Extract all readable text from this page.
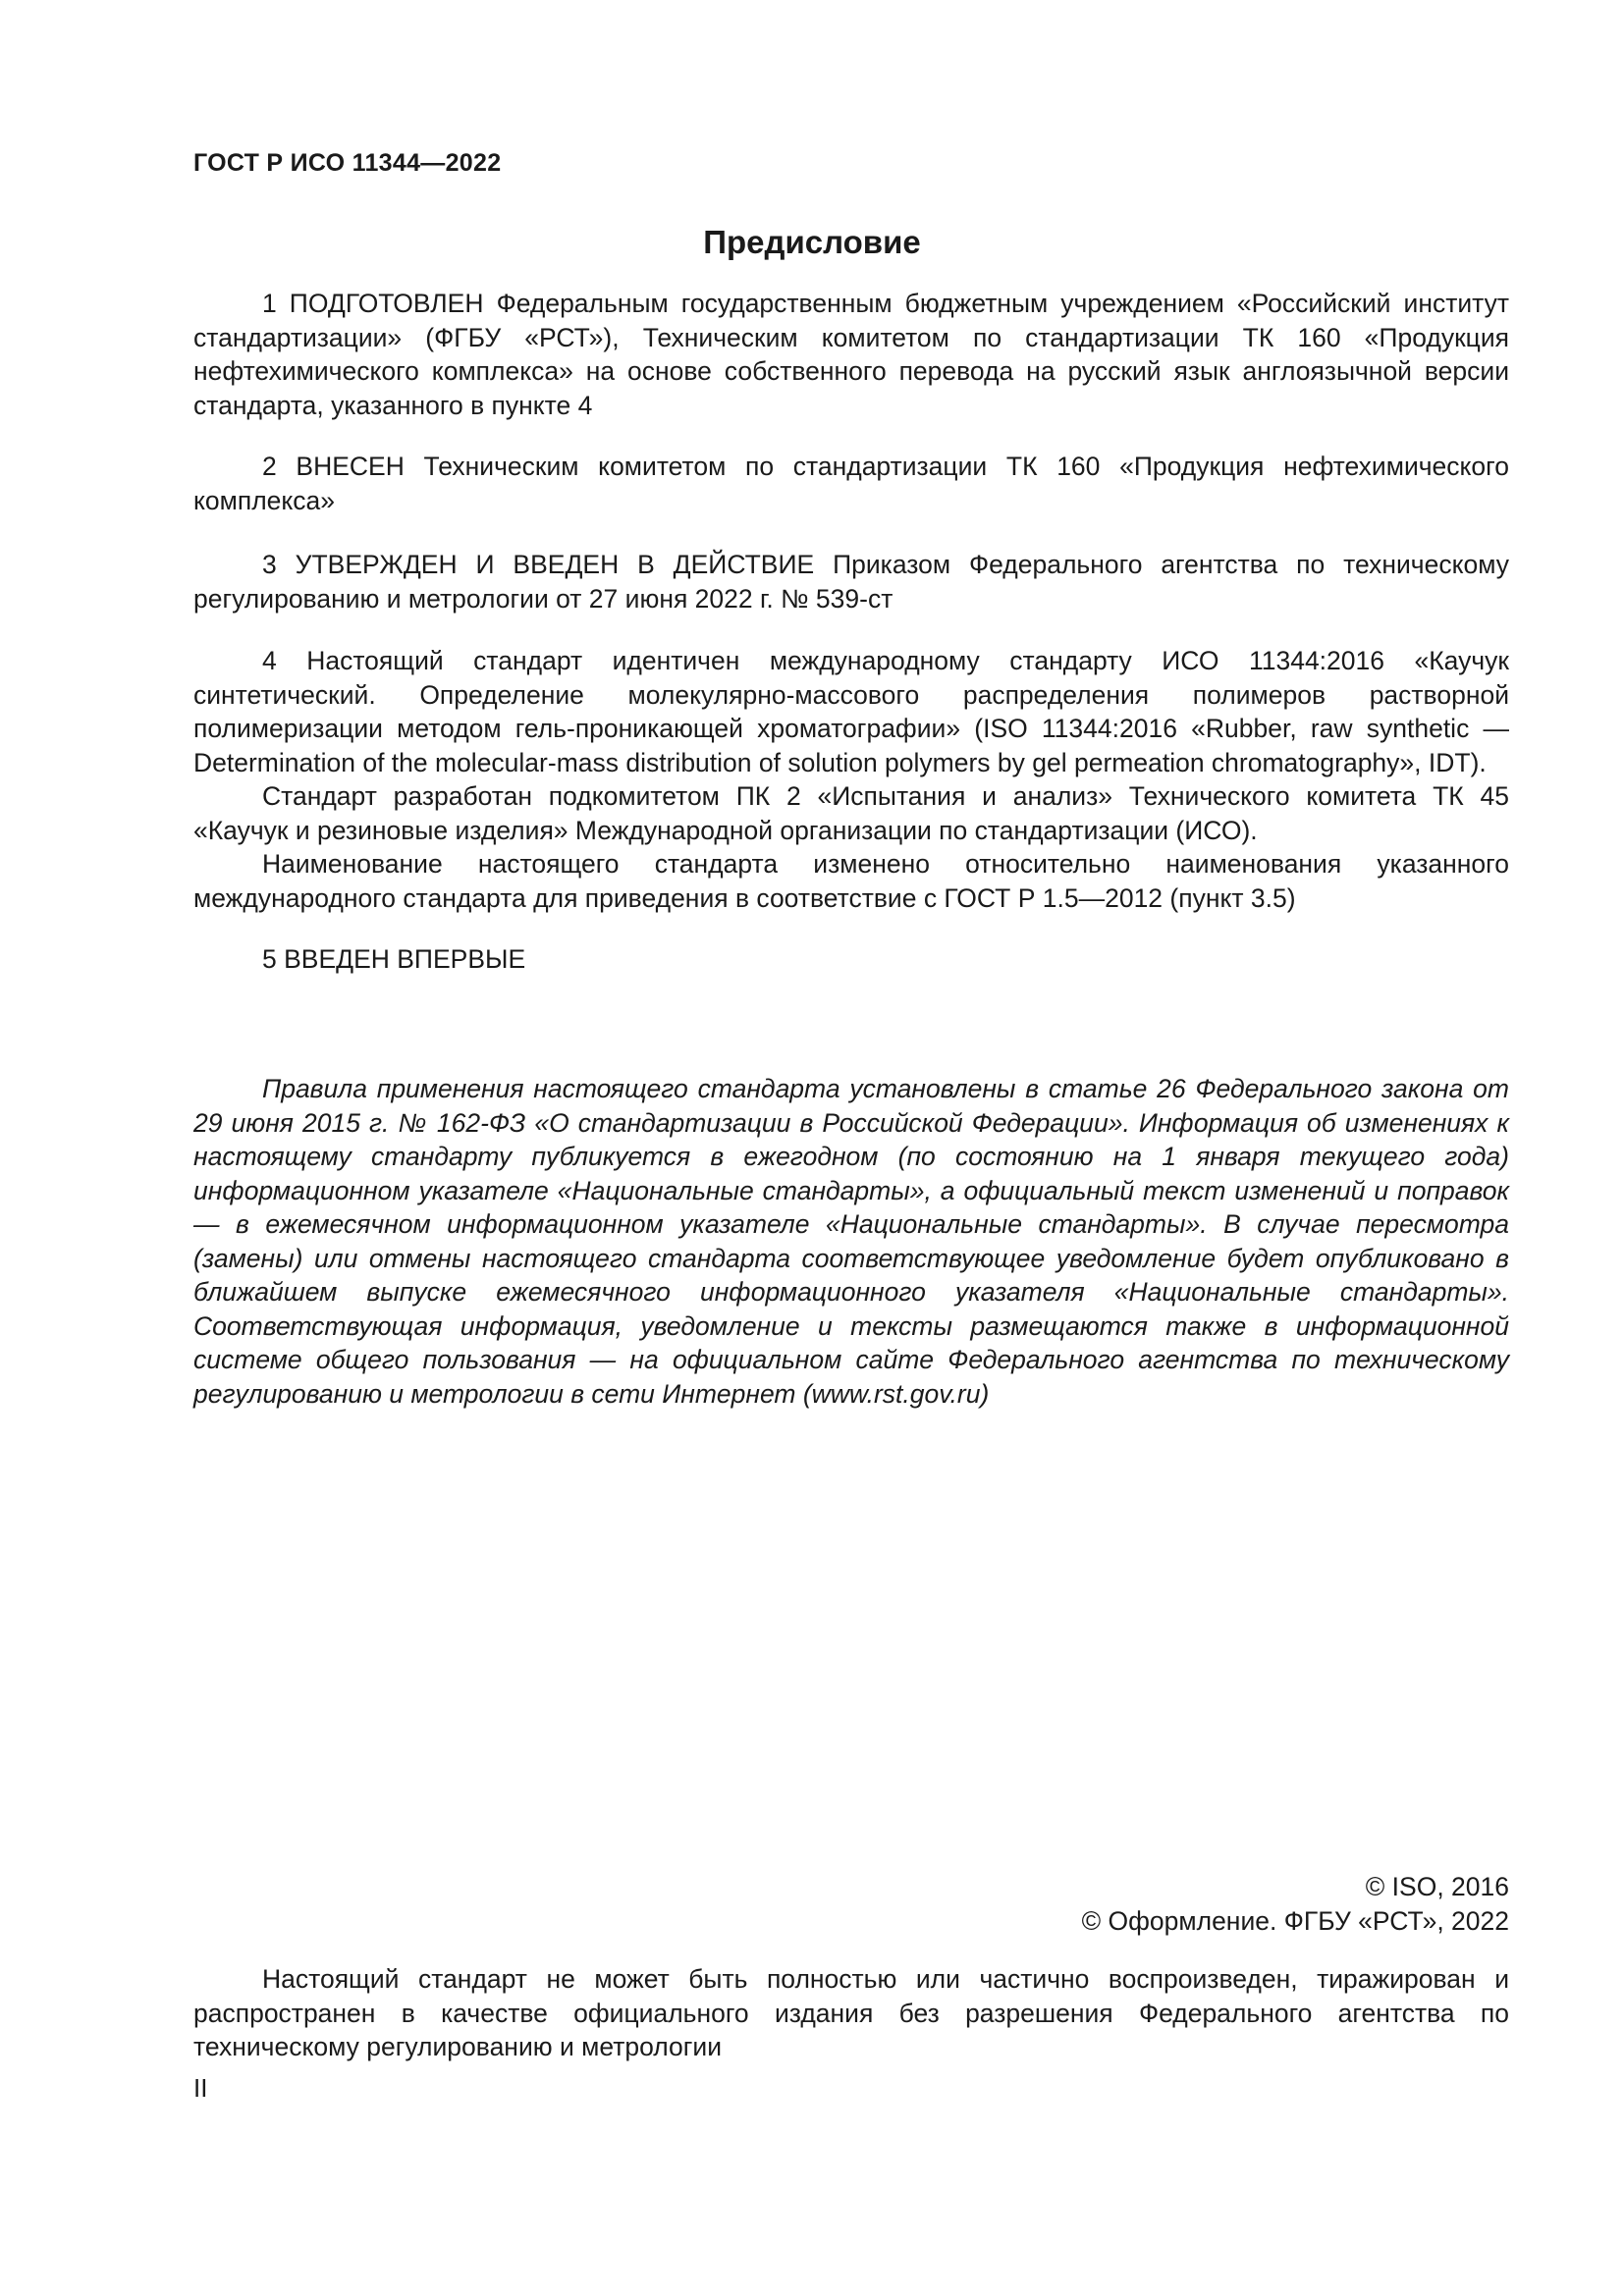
ГОСТ Р ИСО 11344—2022
Предисловие

1 ПОДГОТОВЛЕН Федеральным государственным бюджетным учреждением «Российский институт стандартизации» (ФГБУ «РСТ»), Техническим комитетом по стандартизации ТК 160 «Продукция нефтехимического комплекса» на основе собственного перевода на русский язык англоязычной версии стандарта, указанного в пункте 4

2 ВНЕСЕН Техническим комитетом по стандартизации ТК 160 «Продукция нефтехимического комплекса»

3 УТВЕРЖДЕН И ВВЕДЕН В ДЕЙСТВИЕ Приказом Федерального агентства по техническому регулированию и метрологии от 27 июня 2022 г. № 539-ст

4 Настоящий стандарт идентичен международному стандарту ИСО 11344:2016 «Каучук синтетический. Определение молекулярно-массового распределения полимеров растворной полимеризации методом гель-проникающей хроматографии» (ISO 11344:2016 «Rubber, raw synthetic — Determination of the molecular-mass distribution of solution polymers by gel permeation chromatography», IDT).

Стандарт разработан подкомитетом ПК 2 «Испытания и анализ» Технического комитета ТК 45 «Каучук и резиновые изделия» Международной организации по стандартизации (ИСО).

Наименование настоящего стандарта изменено относительно наименования указанного международного стандарта для приведения в соответствие с ГОСТ Р 1.5—2012 (пункт 3.5)

5 ВВЕДЕН ВПЕРВЫЕ

Правила применения настоящего стандарта установлены в статье 26 Федерального закона от 29 июня 2015 г. № 162-ФЗ «О стандартизации в Российской Федерации». Информация об изменениях к настоящему стандарту публикуется в ежегодном (по состоянию на 1 января текущего года) информационном указателе «Национальные стандарты», а официальный текст изменений и поправок — в ежемесячном информационном указателе «Национальные стандарты». В случае пересмотра (замены) или отмены настоящего стандарта соответствующее уведомление будет опубликовано в ближайшем выпуске ежемесячного информационного указателя «Национальные стандарты». Соответствующая информация, уведомление и тексты размещаются также в информационной системе общего пользования — на официальном сайте Федерального агентства по техническому регулированию и метрологии в сети Интернет (www.rst.gov.ru)

© ISO, 2016
© Оформление. ФГБУ «РСТ», 2022

Настоящий стандарт не может быть полностью или частично воспроизведен, тиражирован и распространен в качестве официального издания без разрешения Федерального агентства по техническому регулированию и метрологии

II
